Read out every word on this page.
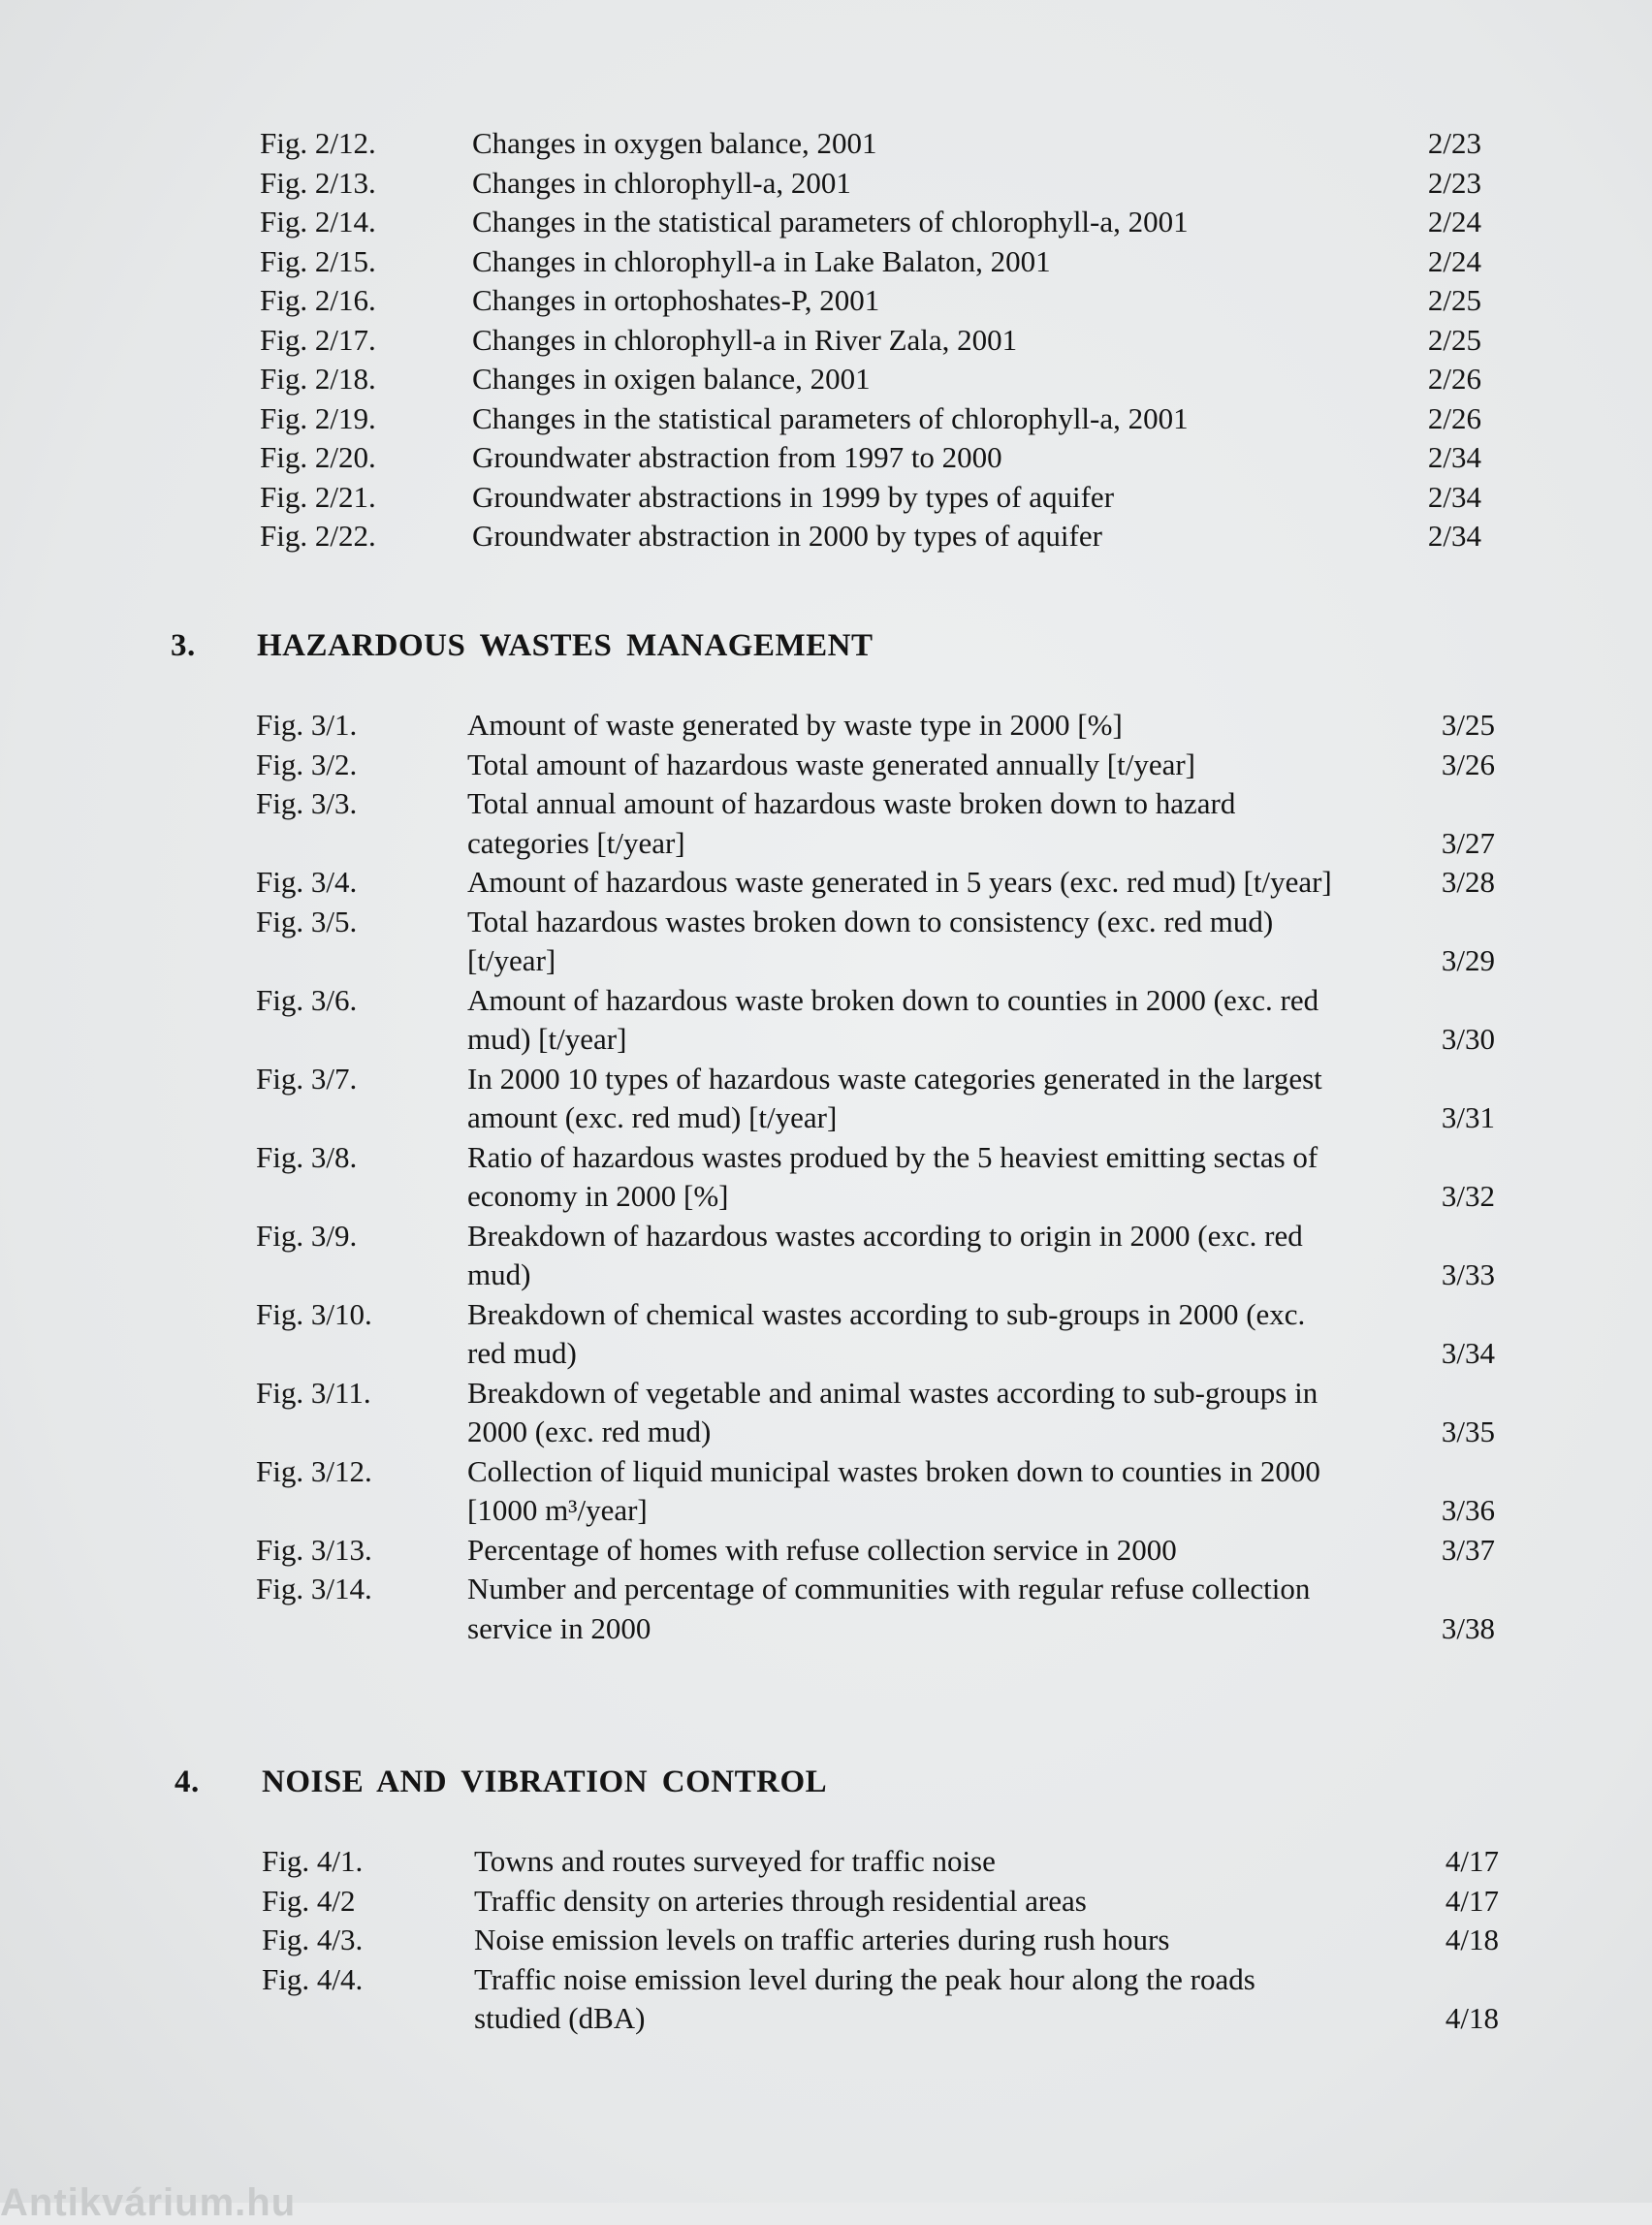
Fig. 2/12.	Changes in oxygen balance, 2001	2/23
Fig. 2/13.	Changes in chlorophyll-a, 2001	2/23
Fig. 2/14.	Changes in the statistical parameters of chlorophyll-a, 2001	2/24
Fig. 2/15.	Changes in chlorophyll-a in Lake Balaton, 2001	2/24
Fig. 2/16.	Changes in ortophoshates-P, 2001	2/25
Fig. 2/17.	Changes in chlorophyll-a in River Zala, 2001	2/25
Fig. 2/18.	Changes in oxigen balance, 2001	2/26
Fig. 2/19.	Changes in the statistical parameters of chlorophyll-a, 2001	2/26
Fig. 2/20.	Groundwater abstraction from 1997 to 2000	2/34
Fig. 2/21.	Groundwater abstractions in 1999 by types of aquifer	2/34
Fig. 2/22.	Groundwater abstraction in 2000 by types of aquifer	2/34
3. HAZARDOUS WASTES MANAGEMENT
Fig. 3/1.	Amount of waste generated by waste type in 2000 [%]	3/25
Fig. 3/2.	Total amount of hazardous waste generated annually [t/year]	3/26
Fig. 3/3.	Total annual amount of hazardous waste broken down to hazard categories [t/year]	3/27
Fig. 3/4.	Amount of hazardous waste generated in 5 years (exc. red mud) [t/year]	3/28
Fig. 3/5.	Total hazardous wastes broken down to consistency (exc. red mud) [t/year]	3/29
Fig. 3/6.	Amount of hazardous waste broken down to counties in 2000 (exc. red mud) [t/year]	3/30
Fig. 3/7.	In 2000 10 types of hazardous waste categories generated in the largest amount (exc. red mud) [t/year]	3/31
Fig. 3/8.	Ratio of hazardous wastes produed by the 5 heaviest emitting sectas of economy in 2000 [%]	3/32
Fig. 3/9.	Breakdown of hazardous wastes according to origin in 2000 (exc. red mud)	3/33
Fig. 3/10.	Breakdown of chemical wastes according to sub-groups in 2000 (exc. red mud)	3/34
Fig. 3/11.	Breakdown of vegetable and animal wastes according to sub-groups in 2000 (exc. red mud)	3/35
Fig. 3/12.	Collection of liquid municipal wastes broken down to counties in 2000 [1000 m³/year]	3/36
Fig. 3/13.	Percentage of homes with refuse collection service in 2000	3/37
Fig. 3/14.	Number and percentage of communities with regular refuse collection service in 2000	3/38
4. NOISE AND VIBRATION CONTROL
Fig. 4/1.	Towns and routes surveyed for traffic noise	4/17
Fig. 4/2	Traffic density on arteries through residential areas	4/17
Fig. 4/3.	Noise emission levels on traffic arteries during rush hours	4/18
Fig. 4/4.	Traffic noise emission level during the peak hour along the roads studied (dBA)	4/18
Antikvárium.hu
